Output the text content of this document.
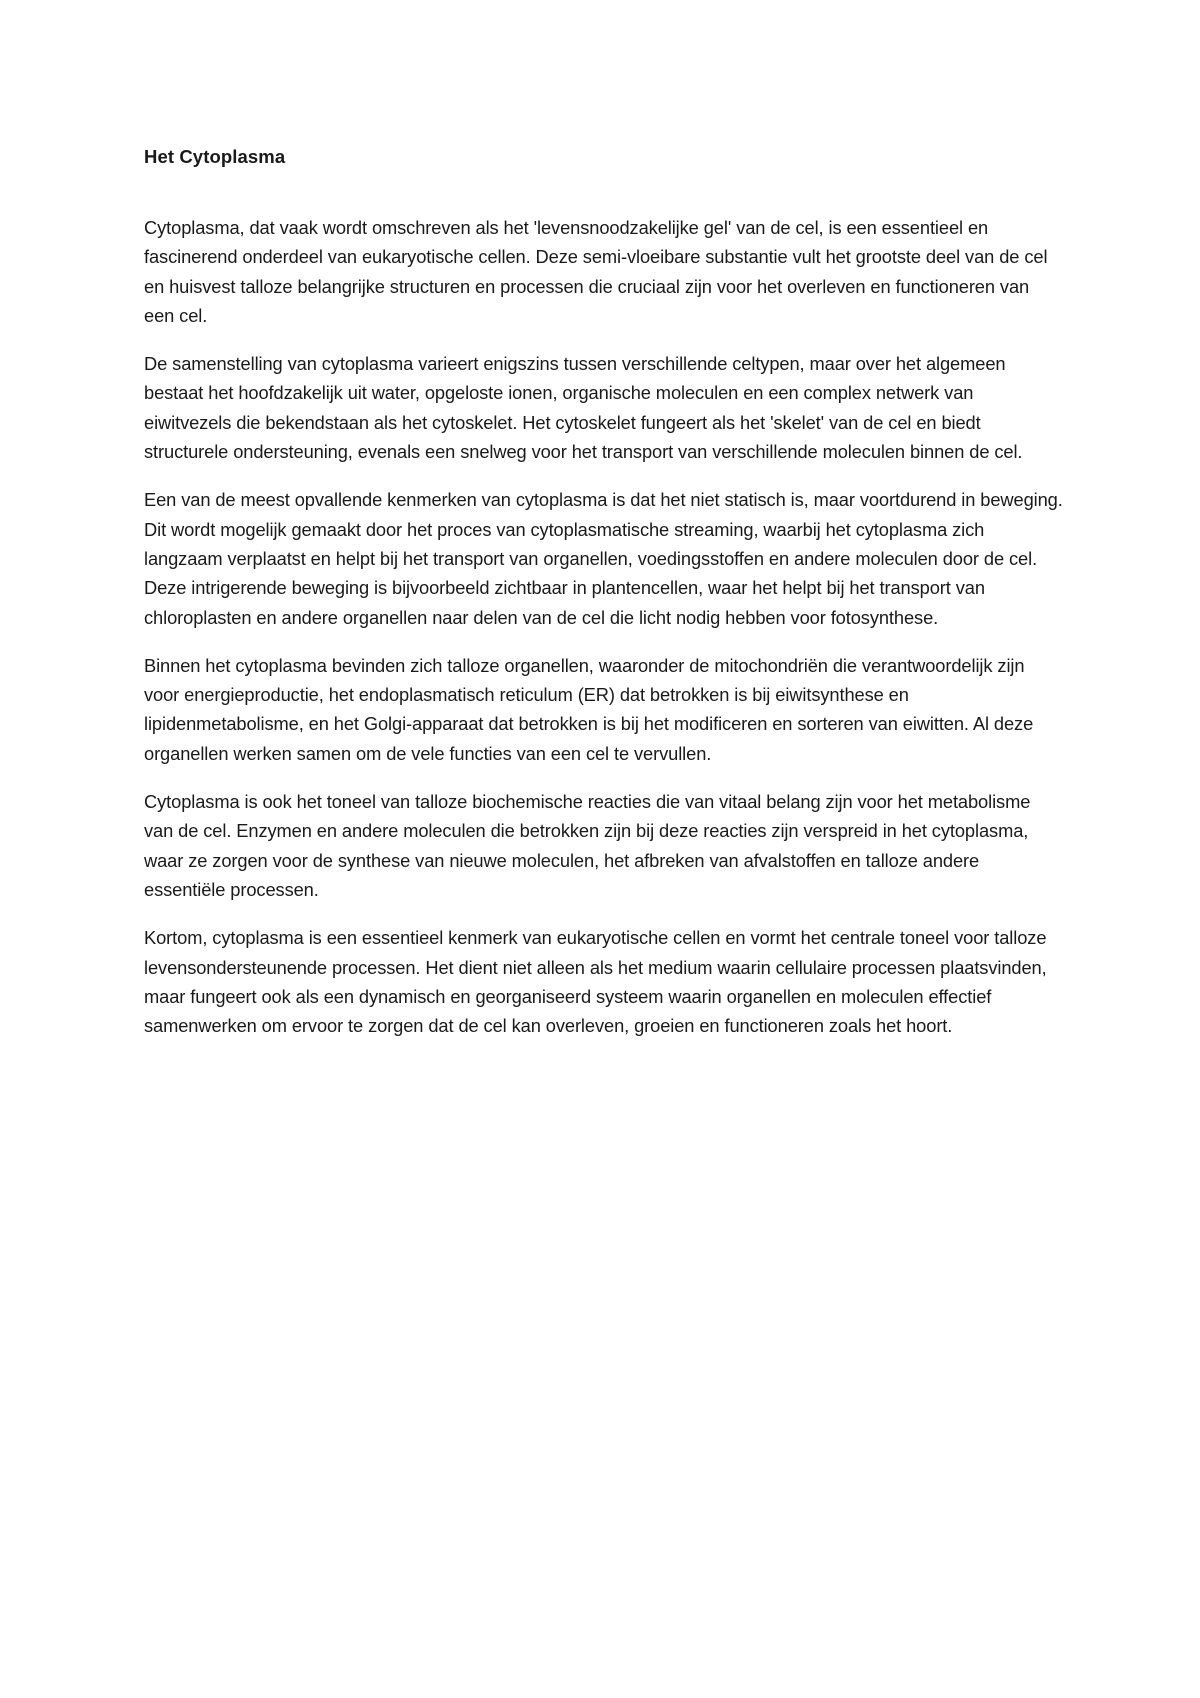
Het Cytoplasma

Cytoplasma, dat vaak wordt omschreven als het 'levensnoodzakelijke gel' van de cel, is een essentieel en fascinerend onderdeel van eukaryotische cellen. Deze semi-vloeibare substantie vult het grootste deel van de cel en huisvest talloze belangrijke structuren en processen die cruciaal zijn voor het overleven en functioneren van een cel.

De samenstelling van cytoplasma varieert enigszins tussen verschillende celtypen, maar over het algemeen bestaat het hoofdzakelijk uit water, opgeloste ionen, organische moleculen en een complex netwerk van eiwitvezels die bekendstaan als het cytoskelet. Het cytoskelet fungeert als het 'skelet' van de cel en biedt structurele ondersteuning, evenals een snelweg voor het transport van verschillende moleculen binnen de cel.

Een van de meest opvallende kenmerken van cytoplasma is dat het niet statisch is, maar voortdurend in beweging. Dit wordt mogelijk gemaakt door het proces van cytoplasmatische streaming, waarbij het cytoplasma zich langzaam verplaatst en helpt bij het transport van organellen, voedingsstoffen en andere moleculen door de cel. Deze intrigerende beweging is bijvoorbeeld zichtbaar in plantencellen, waar het helpt bij het transport van chloroplasten en andere organellen naar delen van de cel die licht nodig hebben voor fotosynthese.

Binnen het cytoplasma bevinden zich talloze organellen, waaronder de mitochondriën die verantwoordelijk zijn voor energieproductie, het endoplasmatisch reticulum (ER) dat betrokken is bij eiwitsynthese en lipidenmetabolisme, en het Golgi-apparaat dat betrokken is bij het modificeren en sorteren van eiwitten. Al deze organellen werken samen om de vele functies van een cel te vervullen.

Cytoplasma is ook het toneel van talloze biochemische reacties die van vitaal belang zijn voor het metabolisme van de cel. Enzymen en andere moleculen die betrokken zijn bij deze reacties zijn verspreid in het cytoplasma, waar ze zorgen voor de synthese van nieuwe moleculen, het afbreken van afvalstoffen en talloze andere essentiële processen.

Kortom, cytoplasma is een essentieel kenmerk van eukaryotische cellen en vormt het centrale toneel voor talloze levensondersteunende processen. Het dient niet alleen als het medium waarin cellulaire processen plaatsvinden, maar fungeert ook als een dynamisch en georganiseerd systeem waarin organellen en moleculen effectief samenwerken om ervoor te zorgen dat de cel kan overleven, groeien en functioneren zoals het hoort.
